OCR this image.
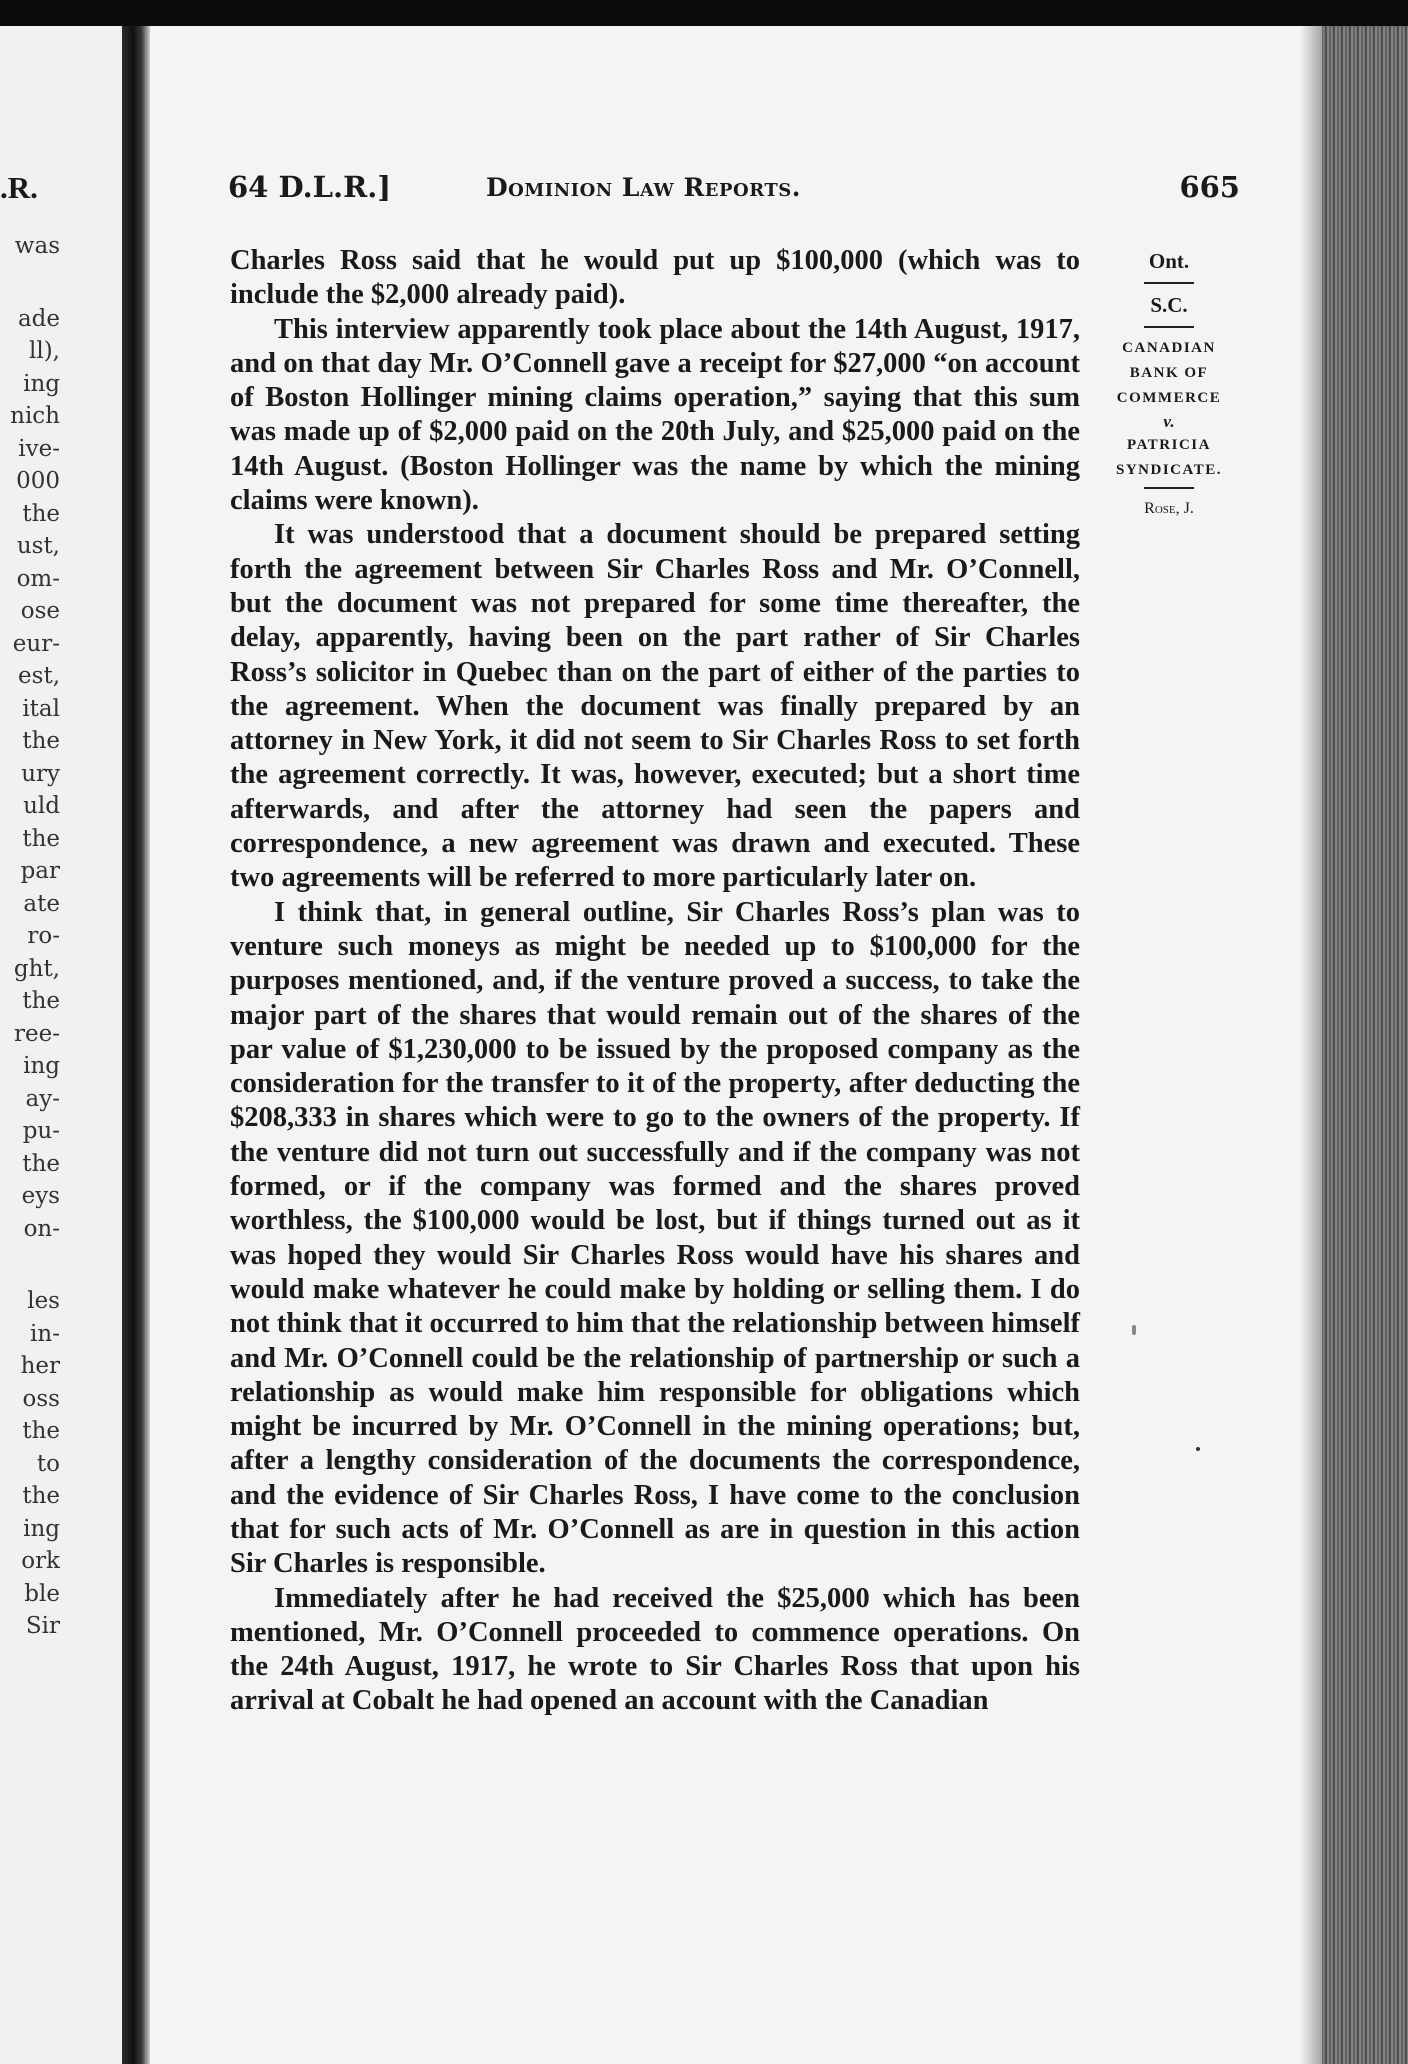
.R.
was
ade
ll),
ing
nich
ive-
000
the
ust,
om-
ose
eur-
est,
ital
the
ury
uld
the
par
ate
ro-
ght,
the
ree-
ing
ay-
pu-
the
eys
on-
les
in-
her
oss
the
to
the
ing
ork
ble
Sir
64 D.L.R.]	Dominion Law Reports.	665

Charles Ross said that he would put up $100,000 (which was to include the $2,000 already paid).

This interview apparently took place about the 14th August, 1917, and on that day Mr. O’Connell gave a receipt for $27,000 “on account of Boston Hollinger mining claims operation,” saying that this sum was made up of $2,000 paid on the 20th July, and $25,000 paid on the 14th August. (Boston Hollinger was the name by which the mining claims were known).

It was understood that a document should be prepared setting forth the agreement between Sir Charles Ross and Mr. O’Connell, but the document was not prepared for some time thereafter, the delay, apparently, having been on the part rather of Sir Charles Ross’s solicitor in Quebec than on the part of either of the parties to the agreement. When the document was finally prepared by an attorney in New York, it did not seem to Sir Charles Ross to set forth the agreement correctly. It was, however, executed; but a short time afterwards, and after the attorney had seen the papers and correspondence, a new agreement was drawn and executed. These two agreements will be referred to more particularly later on.

I think that, in general outline, Sir Charles Ross’s plan was to venture such moneys as might be needed up to $100,000 for the purposes mentioned, and, if the venture proved a success, to take the major part of the shares that would remain out of the shares of the par value of $1,230,000 to be issued by the proposed company as the consideration for the transfer to it of the property, after deducting the $208,333 in shares which were to go to the owners of the property. If the venture did not turn out successfully and if the company was not formed, or if the company was formed and the shares proved worthless, the $100,000 would be lost, but if things turned out as it was hoped they would Sir Charles Ross would have his shares and would make whatever he could make by holding or selling them. I do not think that it occurred to him that the relationship between himself and Mr. O’Connell could be the relationship of partnership or such a relationship as would make him responsible for obligations which might be incurred by Mr. O’Connell in the mining operations; but, after a lengthy consideration of the documents the correspondence, and the evidence of Sir Charles Ross, I have come to the conclusion that for such acts of Mr. O’Connell as are in question in this action Sir Charles is responsible.

Immediately after he had received the $25,000 which has been mentioned, Mr. O’Connell proceeded to commence operations. On the 24th August, 1917, he wrote to Sir Charles Ross that upon his arrival at Cobalt he had opened an account with the Canadian

Ont.
S.C.
CANADIAN
BANK OF
COMMERCE
v.
PATRICIA
SYNDICATE.
Rose, J.
